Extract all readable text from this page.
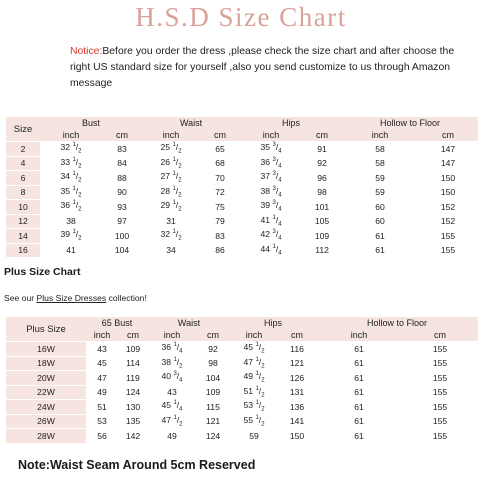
H.S.D Size Chart
Notice:Before you order the dress ,please check the size chart and after choose the right US standard size for yourself ,also you send customize to us through Amazon message
Size	Bust		Waist		Hips		Hollow to Floor	
	inch	cm	inch	cm	inch	cm	inch	cm
2	32 $^1/_2$	83	25 $^1/_2$	65	35 $^3/_4$	91	58	147
4	33 $^1/_2$	84	26 $^1/_2$	68	36 $^3/_4$	92	58	147
6	34 $^1/_2$	88	27 $^1/_2$	70	37 $^3/_4$	96	59	150
8	35 $^1/_2$	90	28 $^1/_2$	72	38 $^3/_4$	98	59	150
10	36 $^1/_2$	93	29 $^1/_2$	75	39 $^3/_4$	101	60	152
12	38	97	31	79	41 $^1/_4$	105	60	152
14	39 $^1/_2$	100	32 $^1/_2$	83	42 $^3/_4$	109	61	155
16	41	104	34	86	44 $^1/_4$	112	61	155
Plus Size Chart
See our Plus Size Dresses collection!
Plus Size	65 Bust		Waist		Hips		Hollow to Floor	
	inch	cm	inch	cm	inch	cm	inch	cm
16W	43	109	36 $^1/_4$	92	45 $^1/_2$	116	61	155
18W	45	114	38 $^1/_2$	98	47 $^1/_2$	121	61	155
20W	47	119	40 $^3/_4$	104	49 $^1/_2$	126	61	155
22W	49	124	43	109	51 $^1/_2$	131	61	155
24W	51	130	45 $^1/_4$	115	53 $^1/_2$	136	61	155
26W	53	135	47 $^1/_2$	121	55 $^1/_2$	141	61	155
28W	56	142	49	124	59	150	61	155
Note:Waist Seam Around 5cm Reserved
